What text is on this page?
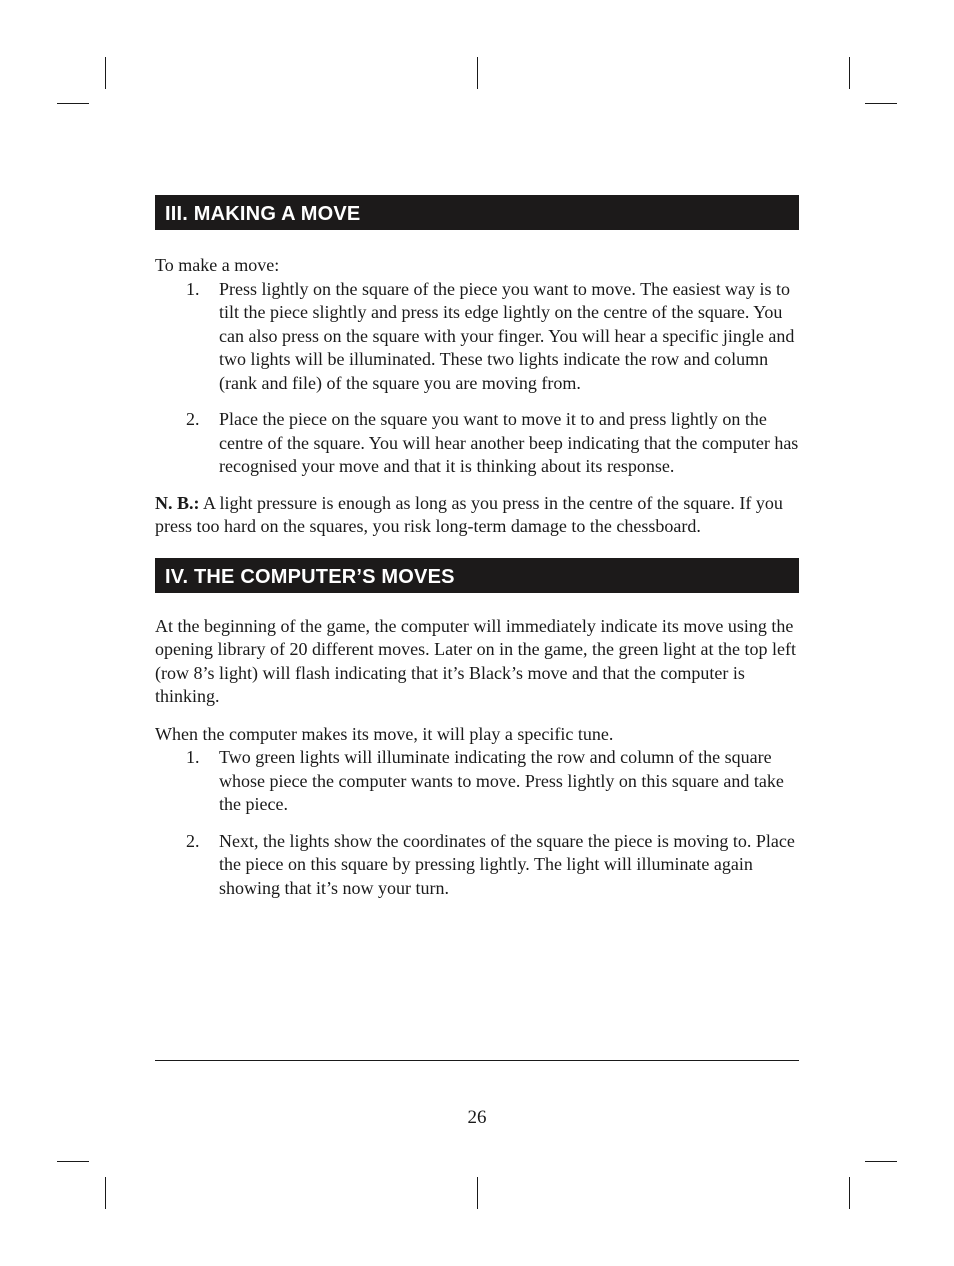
III. MAKING A MOVE

To make a move:

1. Press lightly on the square of the piece you want to move. The easiest way is to tilt the piece slightly and press its edge lightly on the centre of the square. You can also press on the square with your finger. You will hear a specific jingle and two lights will be illuminated. These two lights indicate the row and column (rank and file) of the square you are moving from.
2. Place the piece on the square you want to move it to and press lightly on the centre of the square. You will hear another beep indicating that the computer has recognised your move and that it is thinking about its response.

N. B.: A light pressure is enough as long as you press in the centre of the square. If you press too hard on the squares, you risk long-term damage to the chessboard.

IV. THE COMPUTER’S MOVES

At the beginning of the game, the computer will immediately indicate its move using the opening library of 20 different moves. Later on in the game, the green light at the top left (row 8’s light) will flash indicating that it’s Black’s move and that the computer is thinking.

When the computer makes its move, it will play a specific tune.

1. Two green lights will illuminate indicating the row and column of the square whose piece the computer wants to move. Press lightly on this square and take the piece.
2. Next, the lights show the coordinates of the square the piece is moving to. Place the piece on this square by pressing lightly. The light will illuminate again showing that it’s now your turn.
26
